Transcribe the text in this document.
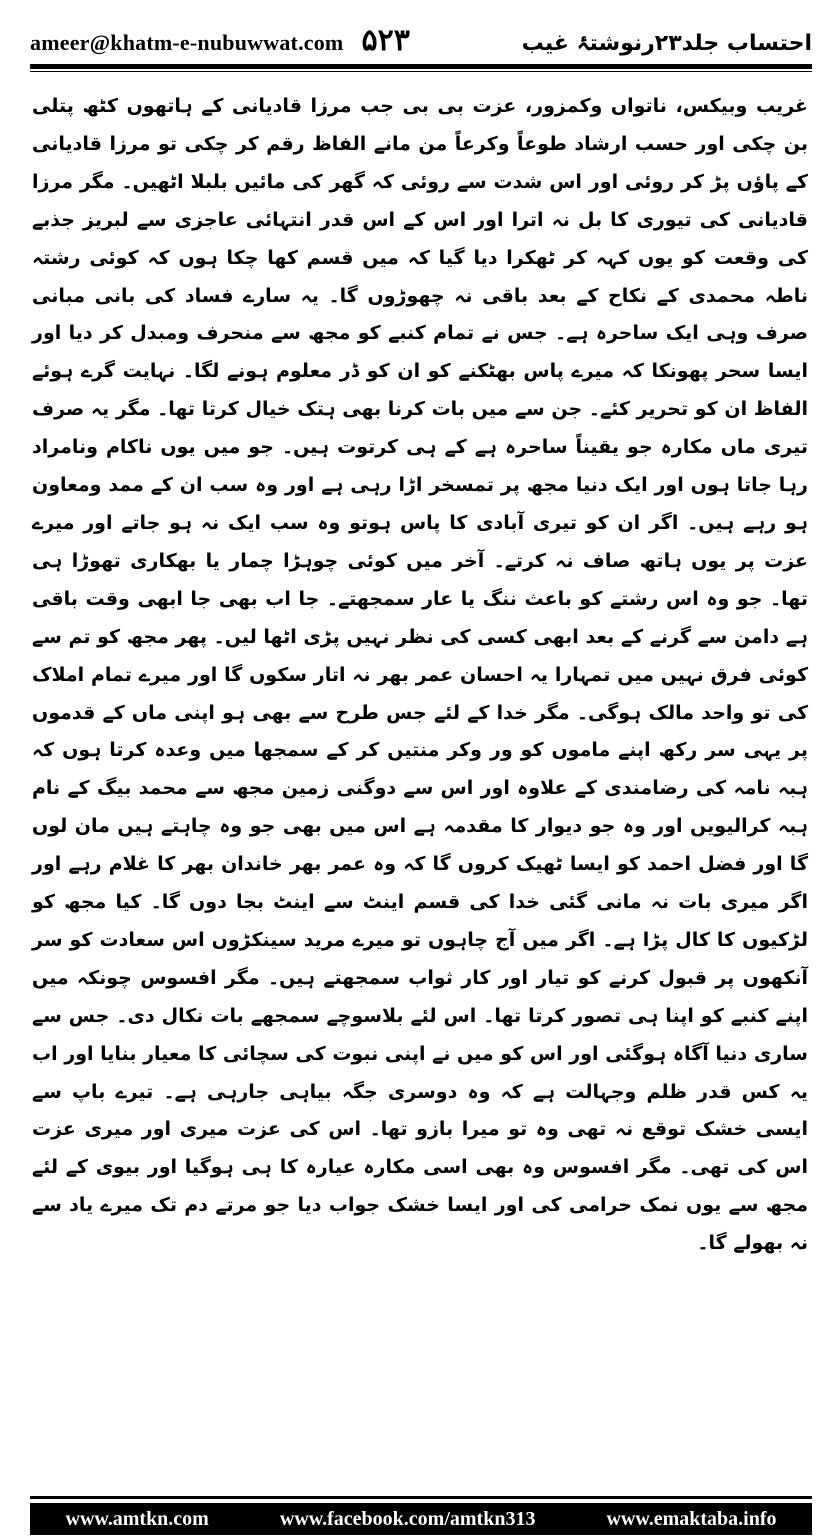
ameer@khatm-e-nubuwwat.com ۵۲۳	احتساب جلد۲۳رنوشتۂ غیب

غریب وبیکس، ناتواں وکمزور، عزت بی بی جب مرزا قادیانی کے ہاتھوں کٹھ پتلی بن چکی اور حسب ارشاد طوعاً وکرعاً من مانے الفاظ رقم کر چکی تو مرزا قادیانی کے پاؤں پڑ کر روئی اور اس شدت سے روئی کہ گھر کی مائیں بلبلا اٹھیں۔ مگر مرزا قادیانی کی تیوری کا بل نہ اترا اور اس کے اس قدر انتہائی عاجزی سے لبریز جذبے کی وقعت کو یوں کہہ کر ٹھکرا دیا گیا کہ میں قسم کھا چکا ہوں کہ کوئی رشتہ ناطہ محمدی کے نکاح کے بعد باقی نہ چھوڑوں گا۔ یہ سارے فساد کی بانی مبانی صرف وہی ایک ساحرہ ہے۔ جس نے تمام کنبے کو مجھ سے منحرف ومبدل کر دیا اور ایسا سحر پھونکا کہ میرے پاس بھٹکنے کو ان کو ڈر معلوم ہونے لگا۔ نہایت گرے ہوئے الفاظ ان کو تحریر کئے۔ جن سے میں بات کرنا بھی ہتک خیال کرتا تھا۔ مگر یہ صرف تیری ماں مکارہ جو یقیناً ساحرہ ہے کے ہی کرتوت ہیں۔ جو میں یوں ناکام ونامراد رہا جاتا ہوں اور ایک دنیا مجھ پر تمسخر اڑا رہی ہے اور وہ سب ان کے ممد ومعاون ہو رہے ہیں۔ اگر ان کو تیری آبادی کا پاس ہوتو وہ سب ایک نہ ہو جاتے اور میرے عزت پر یوں ہاتھ صاف نہ کرتے۔ آخر میں کوئی چوہڑا چمار یا بھکاری تھوڑا ہی تھا۔ جو وہ اس رشتے کو باعث ننگ یا عار سمجھتے۔ جا اب بھی جا ابھی وقت باقی ہے دامن سے گرنے کے بعد ابھی کسی کی نظر نہیں پڑی اٹھا لیں۔ پھر مجھ کو تم سے کوئی فرق نہیں میں تمہارا یہ احسان عمر بھر نہ اتار سکوں گا اور میرے تمام املاک کی تو واحد مالک ہوگی۔ مگر خدا کے لئے جس طرح سے بھی ہو اپنی ماں کے قدموں پر یہی سر رکھ اپنے ماموں کو ور وکر منتیں کر کے سمجھا میں وعدہ کرتا ہوں کہ ہبہ نامہ کی رضامندی کے علاوہ اور اس سے دوگنی زمین مجھ سے محمد بیگ کے نام ہبہ کرالیویں اور وہ جو دیوار کا مقدمہ ہے اس میں بھی جو وہ چاہتے ہیں مان لوں گا اور فضل احمد کو ایسا ٹھیک کروں گا کہ وہ عمر بھر خاندان بھر کا غلام رہے اور اگر میری بات نہ مانی گئی خدا کی قسم اینٹ سے اینٹ بجا دوں گا۔ کیا مجھ کو لڑکیوں کا کال پڑا ہے۔ اگر میں آج چاہوں تو میرے مرید سینکڑوں اس سعادت کو سر آنکھوں پر قبول کرنے کو تیار اور کار ثواب سمجھتے ہیں۔ مگر افسوس چونکہ میں اپنے کنبے کو اپنا ہی تصور کرتا تھا۔ اس لئے بلاسوچے سمجھے بات نکال دی۔ جس سے ساری دنیا آگاہ ہوگئی اور اس کو میں نے اپنی نبوت کی سچائی کا معیار بنایا اور اب یہ کس قدر ظلم وجہالت ہے کہ وہ دوسری جگہ بیاہی جارہی ہے۔ تیرے باپ سے ایسی خشک توقع نہ تھی وہ تو میرا بازو تھا۔ اس کی عزت میری اور میری عزت اس کی تھی۔ مگر افسوس وہ بھی اسی مکارہ عیارہ کا ہی ہوگیا اور بیوی کے لئے مجھ سے یوں نمک حرامی کی اور ایسا خشک جواب دیا جو مرتے دم تک میرے یاد سے نہ بھولے گا۔

www.amtkn.com	www.facebook.com/amtkn313	www.emaktaba.info
